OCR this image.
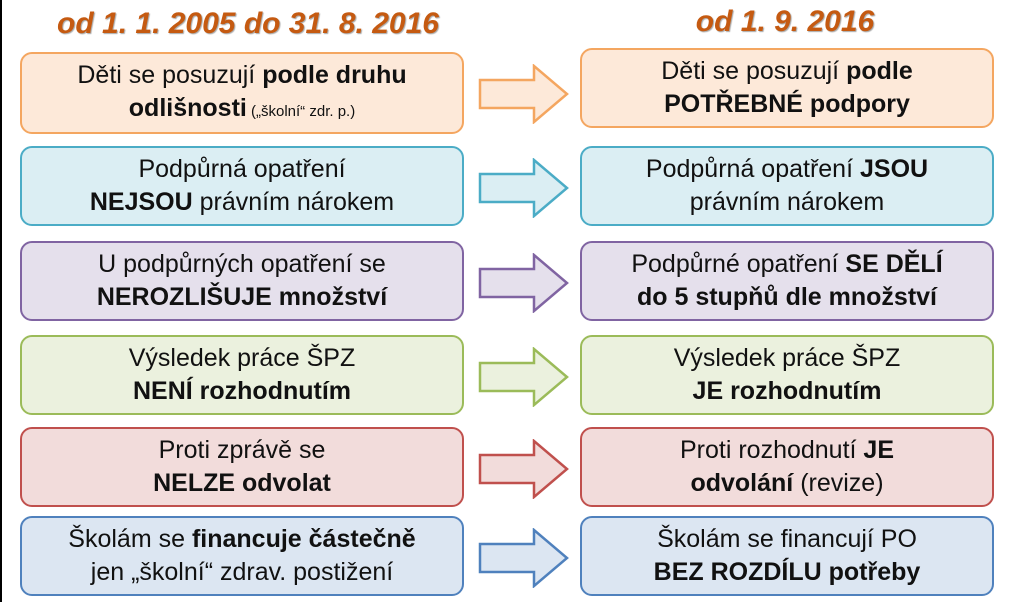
od 1. 1. 2005 do 31. 8. 2016	od 1. 9. 2016
Děti se posuzují podle druhu
odlišnosti („školní“ zdr. p.)
Děti se posuzují podle
POTŘEBNÉ podpory
Podpůrná opatření
NEJSOU právním nárokem
Podpůrná opatření JSOU
právním nárokem
U podpůrných opatření se
NEROZLIŠUJE množství
Podpůrné opatření SE DĚLÍ
do 5 stupňů dle množství
Výsledek práce ŠPZ
NENÍ rozhodnutím
Výsledek práce ŠPZ
JE rozhodnutím
Proti zprávě se
NELZE odvolat
Proti rozhodnutí JE
odvolání (revize)
Školám se financuje částečně
jen „školní“ zdrav. postižení
Školám se financují PO
BEZ ROZDÍLU potřeby
